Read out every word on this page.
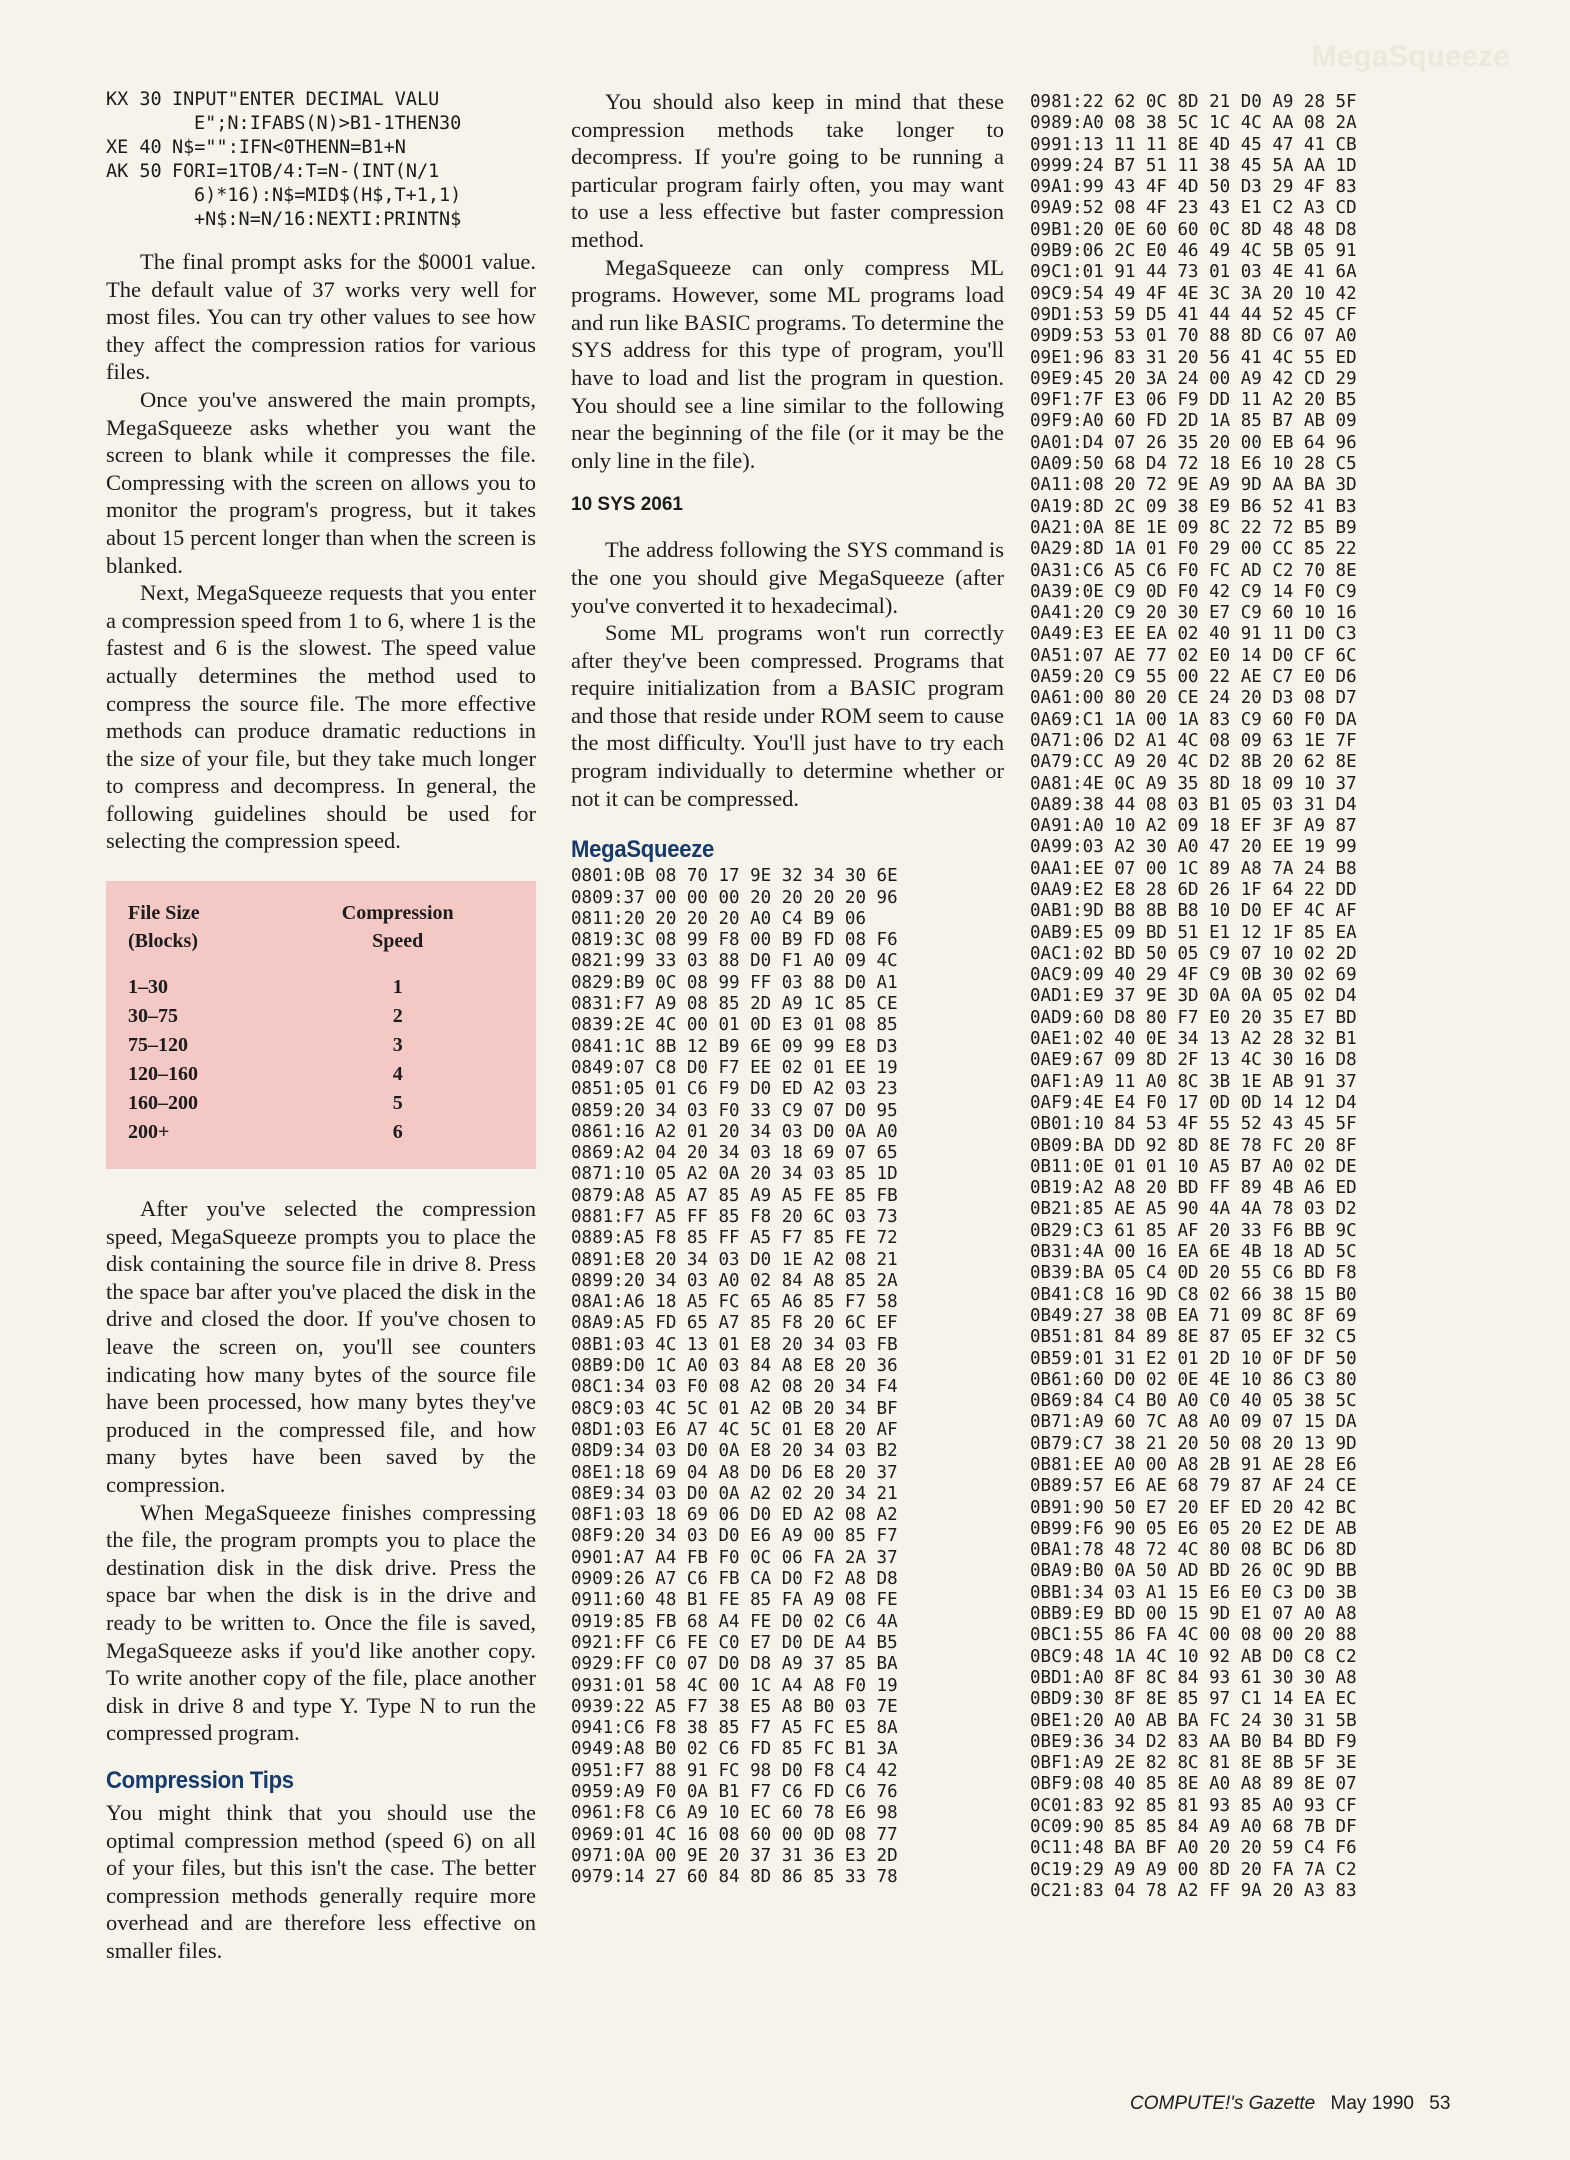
MegaSqueeze
KX 30 INPUT"ENTER DECIMAL VALU
E";N:IFABS(N)>B1-1THEN30
XE 40 N$="":IFN<0THENN=B1+N
AK 50 FORI=1TOB/4:T=N-(INT(N/1
6)*16):N$=MID$(H$,T+1,1)
+N$:N=N/16:NEXTI:PRINTN$

The final prompt asks for the $0001 value. The default value of 37 works very well for most files. You can try other values to see how they affect the compression ratios for various files.

Once you've answered the main prompts, MegaSqueeze asks whether you want the screen to blank while it compresses the file. Compressing with the screen on allows you to monitor the program's progress, but it takes about 15 percent longer than when the screen is blanked.

Next, MegaSqueeze requests that you enter a compression speed from 1 to 6, where 1 is the fastest and 6 is the slowest. The speed value actually determines the method used to compress the source file. The more effective methods can produce dramatic reductions in the size of your file, but they take much longer to compress and decompress. In general, the following guidelines should be used for selecting the compression speed.

File Size
(Blocks)	Compression
Speed
1–30	1
30–75	2
75–120	3
120–160	4
160–200	5
200+	6

After you've selected the compression speed, MegaSqueeze prompts you to place the disk containing the source file in drive 8. Press the space bar after you've placed the disk in the drive and closed the door. If you've chosen to leave the screen on, you'll see counters indicating how many bytes of the source file have been processed, how many bytes they've produced in the compressed file, and how many bytes have been saved by the compression.

When MegaSqueeze finishes compressing the file, the program prompts you to place the destination disk in the disk drive. Press the space bar when the disk is in the drive and ready to be written to. Once the file is saved, MegaSqueeze asks if you'd like another copy. To write another copy of the file, place another disk in drive 8 and type Y. Type N to run the compressed program.

Compression Tips

You might think that you should use the optimal compression method (speed 6) on all of your files, but this isn't the case. The better compression methods generally require more overhead and are therefore less effective on smaller files.

You should also keep in mind that these compression methods take longer to decompress. If you're going to be running a particular program fairly often, you may want to use a less effective but faster compression method.

MegaSqueeze can only compress ML programs. However, some ML programs load and run like BASIC programs. To determine the SYS address for this type of program, you'll have to load and list the program in question. You should see a line similar to the following near the beginning of the file (or it may be the only line in the file).

10 SYS 2061

The address following the SYS command is the one you should give MegaSqueeze (after you've converted it to hexadecimal).

Some ML programs won't run correctly after they've been compressed. Programs that require initialization from a BASIC program and those that reside under ROM seem to cause the most difficulty. You'll just have to try each program individually to determine whether or not it can be compressed.

MegaSqueeze
0801:0B 08 70 17 9E 32 34 30 6E
0809:37 00 00 00 20 20 20 20 96
0811:20 20 20 20 A0 C4 B9 06
0819:3C 08 99 F8 00 B9 FD 08 F6
0821:99 33 03 88 D0 F1 A0 09 4C
0829:B9 0C 08 99 FF 03 88 D0 A1
0831:F7 A9 08 85 2D A9 1C 85 CE
0839:2E 4C 00 01 0D E3 01 08 85
0841:1C 8B 12 B9 6E 09 99 E8 D3
0849:07 C8 D0 F7 EE 02 01 EE 19
0851:05 01 C6 F9 D0 ED A2 03 23
0859:20 34 03 F0 33 C9 07 D0 95
0861:16 A2 01 20 34 03 D0 0A A0
0869:A2 04 20 34 03 18 69 07 65
0871:10 05 A2 0A 20 34 03 85 1D
0879:A8 A5 A7 85 A9 A5 FE 85 FB
0881:F7 A5 FF 85 F8 20 6C 03 73
0889:A5 F8 85 FF A5 F7 85 FE 72
0891:E8 20 34 03 D0 1E A2 08 21
0899:20 34 03 A0 02 84 A8 85 2A
08A1:A6 18 A5 FC 65 A6 85 F7 58
08A9:A5 FD 65 A7 85 F8 20 6C EF
08B1:03 4C 13 01 E8 20 34 03 FB
08B9:D0 1C A0 03 84 A8 E8 20 36
08C1:34 03 F0 08 A2 08 20 34 F4
08C9:03 4C 5C 01 A2 0B 20 34 BF
08D1:03 E6 A7 4C 5C 01 E8 20 AF
08D9:34 03 D0 0A E8 20 34 03 B2
08E1:18 69 04 A8 D0 D6 E8 20 37
08E9:34 03 D0 0A A2 02 20 34 21
08F1:03 18 69 06 D0 ED A2 08 A2
08F9:20 34 03 D0 E6 A9 00 85 F7
0901:A7 A4 FB F0 0C 06 FA 2A 37
0909:26 A7 C6 FB CA D0 F2 A8 D8
0911:60 48 B1 FE 85 FA A9 08 FE
0919:85 FB 68 A4 FE D0 02 C6 4A
0921:FF C6 FE C0 E7 D0 DE A4 B5
0929:FF C0 07 D0 D8 A9 37 85 BA
0931:01 58 4C 00 1C A4 A8 F0 19
0939:22 A5 F7 38 E5 A8 B0 03 7E
0941:C6 F8 38 85 F7 A5 FC E5 8A
0949:A8 B0 02 C6 FD 85 FC B1 3A
0951:F7 88 91 FC 98 D0 F8 C4 42
0959:A9 F0 0A B1 F7 C6 FD C6 76
0961:F8 C6 A9 10 EC 60 78 E6 98
0969:01 4C 16 08 60 00 0D 08 77
0971:0A 00 9E 20 37 31 36 E3 2D
0979:14 27 60 84 8D 86 85 33 78
0981:22 62 0C 8D 21 D0 A9 28 5F
0989:A0 08 38 5C 1C 4C AA 08 2A
0991:13 11 11 8E 4D 45 47 41 CB
0999:24 B7 51 11 38 45 5A AA 1D
09A1:99 43 4F 4D 50 D3 29 4F 83
09A9:52 08 4F 23 43 E1 C2 A3 CD
09B1:20 0E 60 60 0C 8D 48 48 D8
09B9:06 2C E0 46 49 4C 5B 05 91
09C1:01 91 44 73 01 03 4E 41 6A
09C9:54 49 4F 4E 3C 3A 20 10 42
09D1:53 59 D5 41 44 44 52 45 CF
09D9:53 53 01 70 88 8D C6 07 A0
09E1:96 83 31 20 56 41 4C 55 ED
09E9:45 20 3A 24 00 A9 42 CD 29
09F1:7F E3 06 F9 DD 11 A2 20 B5
09F9:A0 60 FD 2D 1A 85 B7 AB 09
0A01:D4 07 26 35 20 00 EB 64 96
0A09:50 68 D4 72 18 E6 10 28 C5
0A11:08 20 72 9E A9 9D AA BA 3D
0A19:8D 2C 09 38 E9 B6 52 41 B3
0A21:0A 8E 1E 09 8C 22 72 B5 B9
0A29:8D 1A 01 F0 29 00 CC 85 22
0A31:C6 A5 C6 F0 FC AD C2 70 8E
0A39:0E C9 0D F0 42 C9 14 F0 C9
0A41:20 C9 20 30 E7 C9 60 10 16
0A49:E3 EE EA 02 40 91 11 D0 C3
0A51:07 AE 77 02 E0 14 D0 CF 6C
0A59:20 C9 55 00 22 AE C7 E0 D6
0A61:00 80 20 CE 24 20 D3 08 D7
0A69:C1 1A 00 1A 83 C9 60 F0 DA
0A71:06 D2 A1 4C 08 09 63 1E 7F
0A79:CC A9 20 4C D2 8B 20 62 8E
0A81:4E 0C A9 35 8D 18 09 10 37
0A89:38 44 08 03 B1 05 03 31 D4
0A91:A0 10 A2 09 18 EF 3F A9 87
0A99:03 A2 30 A0 47 20 EE 19 99
0AA1:EE 07 00 1C 89 A8 7A 24 B8
0AA9:E2 E8 28 6D 26 1F 64 22 DD
0AB1:9D B8 8B B8 10 D0 EF 4C AF
0AB9:E5 09 BD 51 E1 12 1F 85 EA
0AC1:02 BD 50 05 C9 07 10 02 2D
0AC9:09 40 29 4F C9 0B 30 02 69
0AD1:E9 37 9E 3D 0A 0A 05 02 D4
0AD9:60 D8 80 F7 E0 20 35 E7 BD
0AE1:02 40 0E 34 13 A2 28 32 B1
0AE9:67 09 8D 2F 13 4C 30 16 D8
0AF1:A9 11 A0 8C 3B 1E AB 91 37
0AF9:4E E4 F0 17 0D 0D 14 12 D4
0B01:10 84 53 4F 55 52 43 45 5F
0B09:BA DD 92 8D 8E 78 FC 20 8F
0B11:0E 01 01 10 A5 B7 A0 02 DE
0B19:A2 A8 20 BD FF 89 4B A6 ED
0B21:85 AE A5 90 4A 4A 78 03 D2
0B29:C3 61 85 AF 20 33 F6 BB 9C
0B31:4A 00 16 EA 6E 4B 18 AD 5C
0B39:BA 05 C4 0D 20 55 C6 BD F8
0B41:C8 16 9D C8 02 66 38 15 B0
0B49:27 38 0B EA 71 09 8C 8F 69
0B51:81 84 89 8E 87 05 EF 32 C5
0B59:01 31 E2 01 2D 10 0F DF 50
0B61:60 D0 02 0E 4E 10 86 C3 80
0B69:84 C4 B0 A0 C0 40 05 38 5C
0B71:A9 60 7C A8 A0 09 07 15 DA
0B79:C7 38 21 20 50 08 20 13 9D
0B81:EE A0 00 A8 2B 91 AE 28 E6
0B89:57 E6 AE 68 79 87 AF 24 CE
0B91:90 50 E7 20 EF ED 20 42 BC
0B99:F6 90 05 E6 05 20 E2 DE AB
0BA1:78 48 72 4C 80 08 BC D6 8D
0BA9:B0 0A 50 AD BD 26 0C 9D BB
0BB1:34 03 A1 15 E6 E0 C3 D0 3B
0BB9:E9 BD 00 15 9D E1 07 A0 A8
0BC1:55 86 FA 4C 00 08 00 20 88
0BC9:48 1A 4C 10 92 AB D0 C8 C2
0BD1:A0 8F 8C 84 93 61 30 30 A8
0BD9:30 8F 8E 85 97 C1 14 EA EC
0BE1:20 A0 AB BA FC 24 30 31 5B
0BE9:36 34 D2 83 AA B0 B4 BD F9
0BF1:A9 2E 82 8C 81 8E 8B 5F 3E
0BF9:08 40 85 8E A0 A8 89 8E 07
0C01:83 92 85 81 93 85 A0 93 CF
0C09:90 85 85 84 A9 A0 68 7B DF
0C11:48 BA BF A0 20 20 59 C4 F6
0C19:29 A9 A9 00 8D 20 FA 7A C2
0C21:83 04 78 A2 FF 9A 20 A3 83
COMPUTE!'s Gazette May 1990 53
